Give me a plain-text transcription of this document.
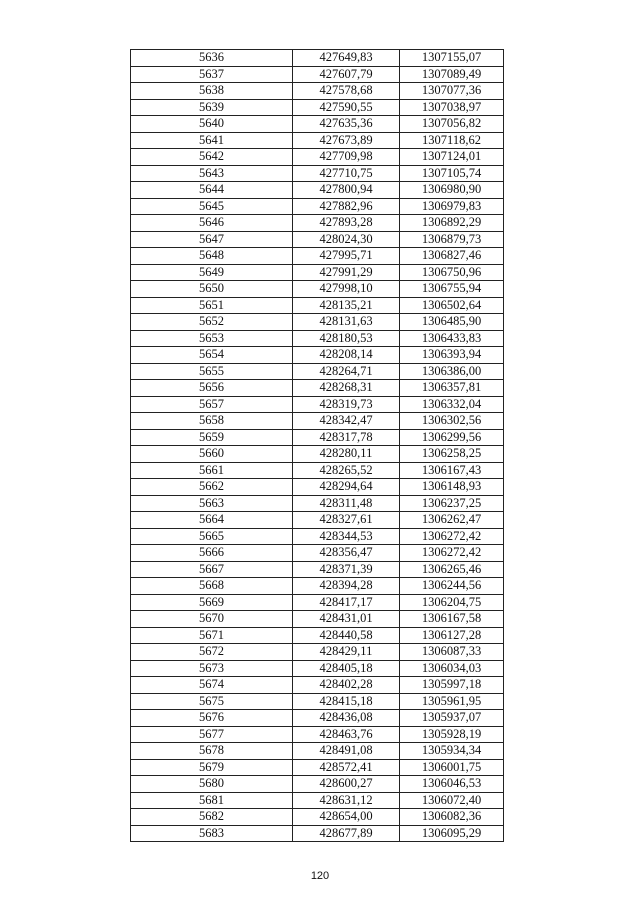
5636	427649,83	1307155,07
5637	427607,79	1307089,49
5638	427578,68	1307077,36
5639	427590,55	1307038,97
5640	427635,36	1307056,82
5641	427673,89	1307118,62
5642	427709,98	1307124,01
5643	427710,75	1307105,74
5644	427800,94	1306980,90
5645	427882,96	1306979,83
5646	427893,28	1306892,29
5647	428024,30	1306879,73
5648	427995,71	1306827,46
5649	427991,29	1306750,96
5650	427998,10	1306755,94
5651	428135,21	1306502,64
5652	428131,63	1306485,90
5653	428180,53	1306433,83
5654	428208,14	1306393,94
5655	428264,71	1306386,00
5656	428268,31	1306357,81
5657	428319,73	1306332,04
5658	428342,47	1306302,56
5659	428317,78	1306299,56
5660	428280,11	1306258,25
5661	428265,52	1306167,43
5662	428294,64	1306148,93
5663	428311,48	1306237,25
5664	428327,61	1306262,47
5665	428344,53	1306272,42
5666	428356,47	1306272,42
5667	428371,39	1306265,46
5668	428394,28	1306244,56
5669	428417,17	1306204,75
5670	428431,01	1306167,58
5671	428440,58	1306127,28
5672	428429,11	1306087,33
5673	428405,18	1306034,03
5674	428402,28	1305997,18
5675	428415,18	1305961,95
5676	428436,08	1305937,07
5677	428463,76	1305928,19
5678	428491,08	1305934,34
5679	428572,41	1306001,75
5680	428600,27	1306046,53
5681	428631,12	1306072,40
5682	428654,00	1306082,36
5683	428677,89	1306095,29
120
